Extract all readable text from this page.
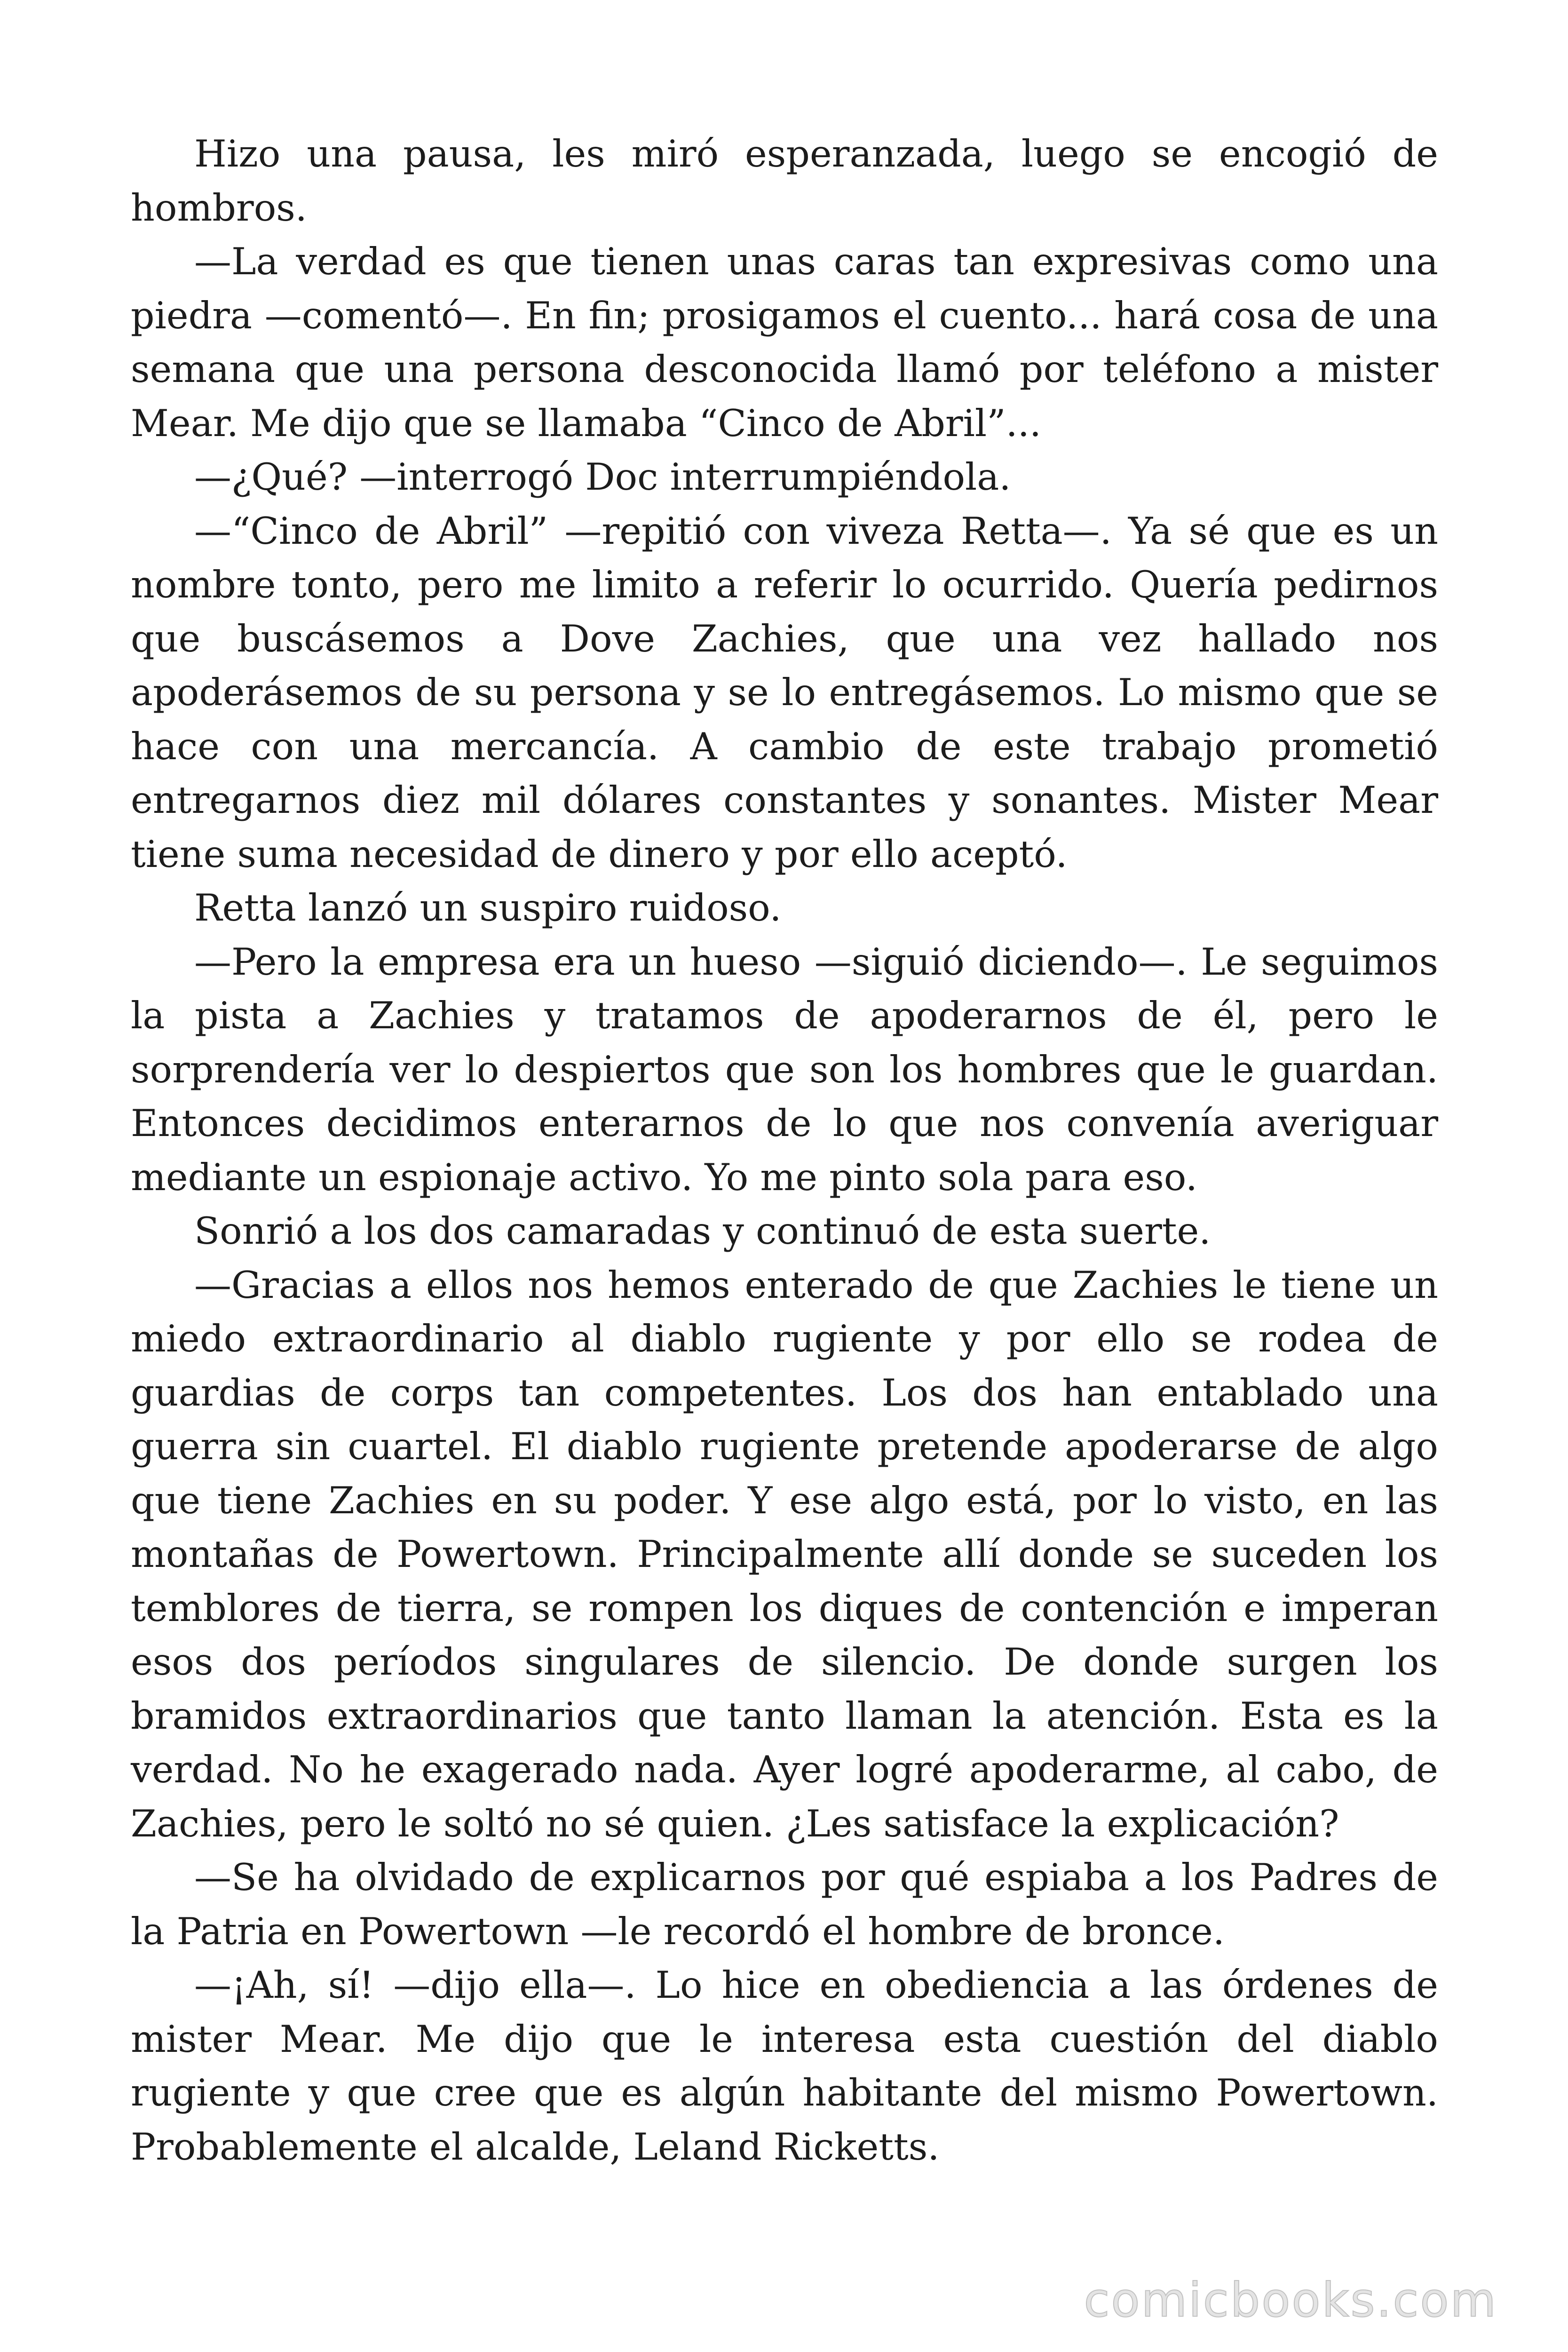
Hizo una pausa, les miró esperanzada, luego se encogió de hombros.

—La verdad es que tienen unas caras tan expresivas como una piedra —comentó—. En fin; prosigamos el cuento... hará cosa de una semana que una persona desconocida llamó por teléfono a mister Mear. Me dijo que se llamaba “Cinco de Abril”...

—¿Qué? —interrogó Doc interrumpiéndola.

—“Cinco de Abril” —repitió con viveza Retta—. Ya sé que es un nombre tonto, pero me limito a referir lo ocurrido. Quería pedirnos que buscásemos a Dove Zachies, que una vez hallado nos apoderásemos de su persona y se lo entregásemos. Lo mismo que se hace con una mercancía. A cambio de este trabajo prometió entregarnos diez mil dólares constantes y sonantes. Mister Mear tiene suma necesidad de dinero y por ello aceptó.

Retta lanzó un suspiro ruidoso.

—Pero la empresa era un hueso —siguió diciendo—. Le seguimos la pista a Zachies y tratamos de apoderarnos de él, pero le sorprendería ver lo despiertos que son los hombres que le guardan. Entonces decidimos enterarnos de lo que nos convenía averiguar mediante un espionaje activo. Yo me pinto sola para eso.

Sonrió a los dos camaradas y continuó de esta suerte.

—Gracias a ellos nos hemos enterado de que Zachies le tiene un miedo extraordinario al diablo rugiente y por ello se rodea de guardias de corps tan competentes. Los dos han entablado una guerra sin cuartel. El diablo rugiente pretende apoderarse de algo que tiene Zachies en su poder. Y ese algo está, por lo visto, en las montañas de Powertown. Principalmente allí donde se suceden los temblores de tierra, se rompen los diques de contención e imperan esos dos períodos singulares de silencio. De donde surgen los bramidos extraordinarios que tanto llaman la atención. Esta es la verdad. No he exagerado nada. Ayer logré apoderarme, al cabo, de Zachies, pero le soltó no sé quien. ¿Les satisface la explicación?

—Se ha olvidado de explicarnos por qué espiaba a los Padres de la Patria en Powertown —le recordó el hombre de bronce.

—¡Ah, sí! —dijo ella—. Lo hice en obediencia a las órdenes de mister Mear. Me dijo que le interesa esta cuestión del diablo rugiente y que cree que es algún habitante del mismo Powertown. Probablemente el alcalde, Leland Ricketts.

comicbooks.com
